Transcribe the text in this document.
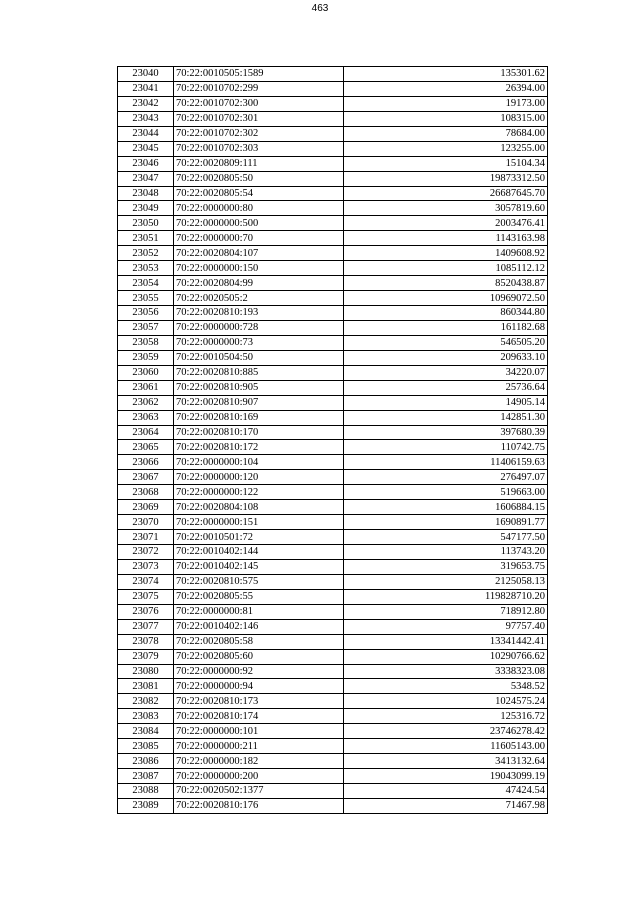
463
23040	70:22:0010505:1589	135301.62
23041	70:22:0010702:299	26394.00
23042	70:22:0010702:300	19173.00
23043	70:22:0010702:301	108315.00
23044	70:22:0010702:302	78684.00
23045	70:22:0010702:303	123255.00
23046	70:22:0020809:111	15104.34
23047	70:22:0020805:50	19873312.50
23048	70:22:0020805:54	26687645.70
23049	70:22:0000000:80	3057819.60
23050	70:22:0000000:500	2003476.41
23051	70:22:0000000:70	1143163.98
23052	70:22:0020804:107	1409608.92
23053	70:22:0000000:150	1085112.12
23054	70:22:0020804:99	8520438.87
23055	70:22:0020505:2	10969072.50
23056	70:22:0020810:193	860344.80
23057	70:22:0000000:728	161182.68
23058	70:22:0000000:73	546505.20
23059	70:22:0010504:50	209633.10
23060	70:22:0020810:885	34220.07
23061	70:22:0020810:905	25736.64
23062	70:22:0020810:907	14905.14
23063	70:22:0020810:169	142851.30
23064	70:22:0020810:170	397680.39
23065	70:22:0020810:172	110742.75
23066	70:22:0000000:104	11406159.63
23067	70:22:0000000:120	276497.07
23068	70:22:0000000:122	519663.00
23069	70:22:0020804:108	1606884.15
23070	70:22:0000000:151	1690891.77
23071	70:22:0010501:72	547177.50
23072	70:22:0010402:144	113743.20
23073	70:22:0010402:145	319653.75
23074	70:22:0020810:575	2125058.13
23075	70:22:0020805:55	119828710.20
23076	70:22:0000000:81	718912.80
23077	70:22:0010402:146	97757.40
23078	70:22:0020805:58	13341442.41
23079	70:22:0020805:60	10290766.62
23080	70:22:0000000:92	3338323.08
23081	70:22:0000000:94	5348.52
23082	70:22:0020810:173	1024575.24
23083	70:22:0020810:174	125316.72
23084	70:22:0000000:101	23746278.42
23085	70:22:0000000:211	11605143.00
23086	70:22:0000000:182	3413132.64
23087	70:22:0000000:200	19043099.19
23088	70:22:0020502:1377	47424.54
23089	70:22:0020810:176	71467.98
